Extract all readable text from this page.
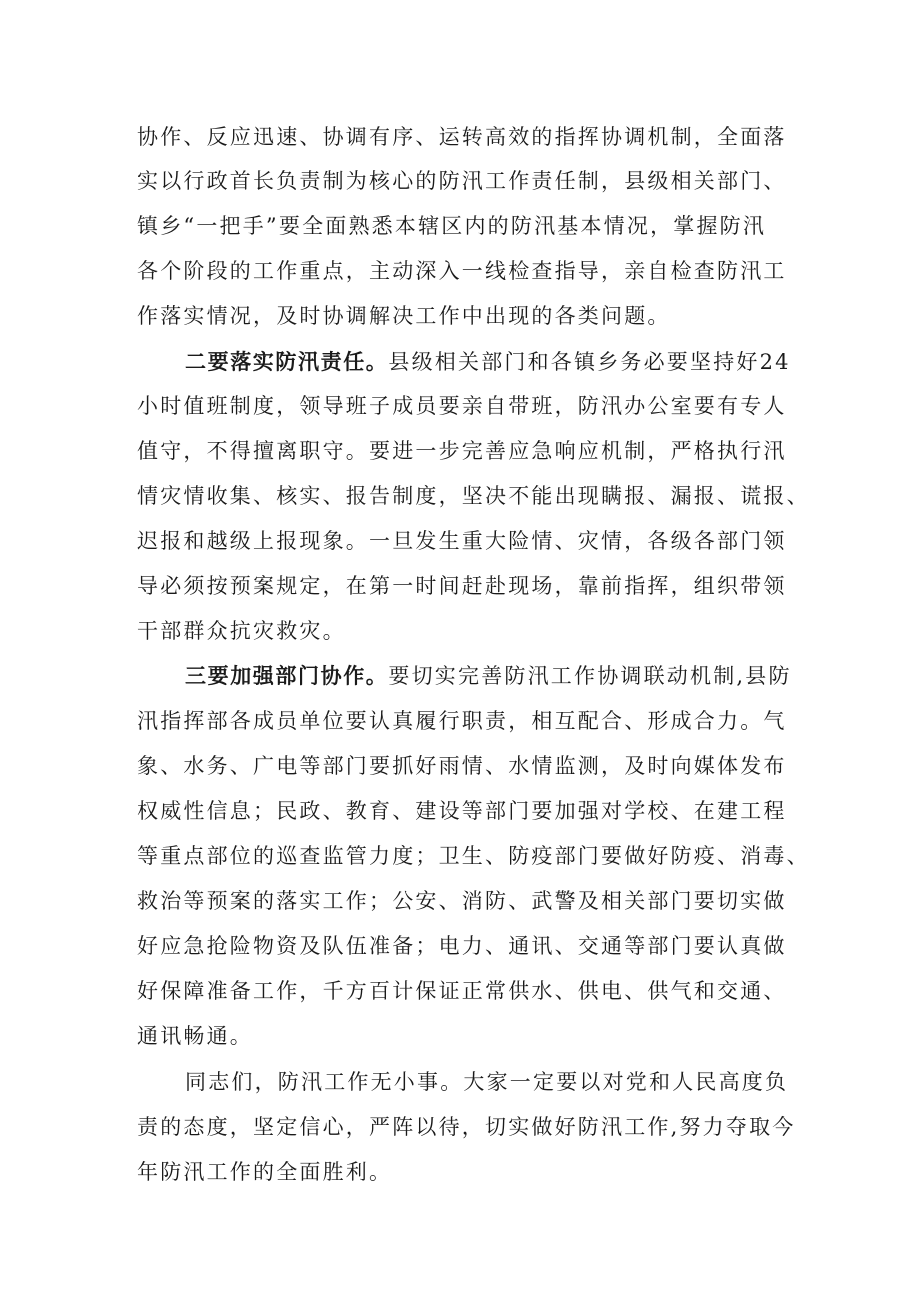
协作、反应迅速、协调有序、运转高效的指挥协调机制，全面落
实以行政首长负责制为核心的防汛工作责任制，县级相关部门、
镇乡“一把手”要全面熟悉本辖区内的防汛基本情况，掌握防汛
各个阶段的工作重点，主动深入一线检查指导，亲自检查防汛工
作落实情况，及时协调解决工作中出现的各类问题。
二要落实防汛责任。县级相关部门和各镇乡务必要坚持好24
小时值班制度，领导班子成员要亲自带班，防汛办公室要有专人
值守，不得擅离职守。要进一步完善应急响应机制，严格执行汛
情灾情收集、核实、报告制度，坚决不能出现瞒报、漏报、谎报、
迟报和越级上报现象。一旦发生重大险情、灾情，各级各部门领
导必须按预案规定，在第一时间赶赴现场，靠前指挥，组织带领
干部群众抗灾救灾。
三要加强部门协作。要切实完善防汛工作协调联动机制,县防
汛指挥部各成员单位要认真履行职责，相互配合、形成合力。气
象、水务、广电等部门要抓好雨情、水情监测，及时向媒体发布
权威性信息；民政、教育、建设等部门要加强对学校、在建工程
等重点部位的巡查监管力度；卫生、防疫部门要做好防疫、消毒、
救治等预案的落实工作；公安、消防、武警及相关部门要切实做
好应急抢险物资及队伍准备；电力、通讯、交通等部门要认真做
好保障准备工作，千方百计保证正常供水、供电、供气和交通、
通讯畅通。
同志们，防汛工作无小事。大家一定要以对党和人民高度负
责的态度，坚定信心，严阵以待，切实做好防汛工作,努力夺取今
年防汛工作的全面胜利。
